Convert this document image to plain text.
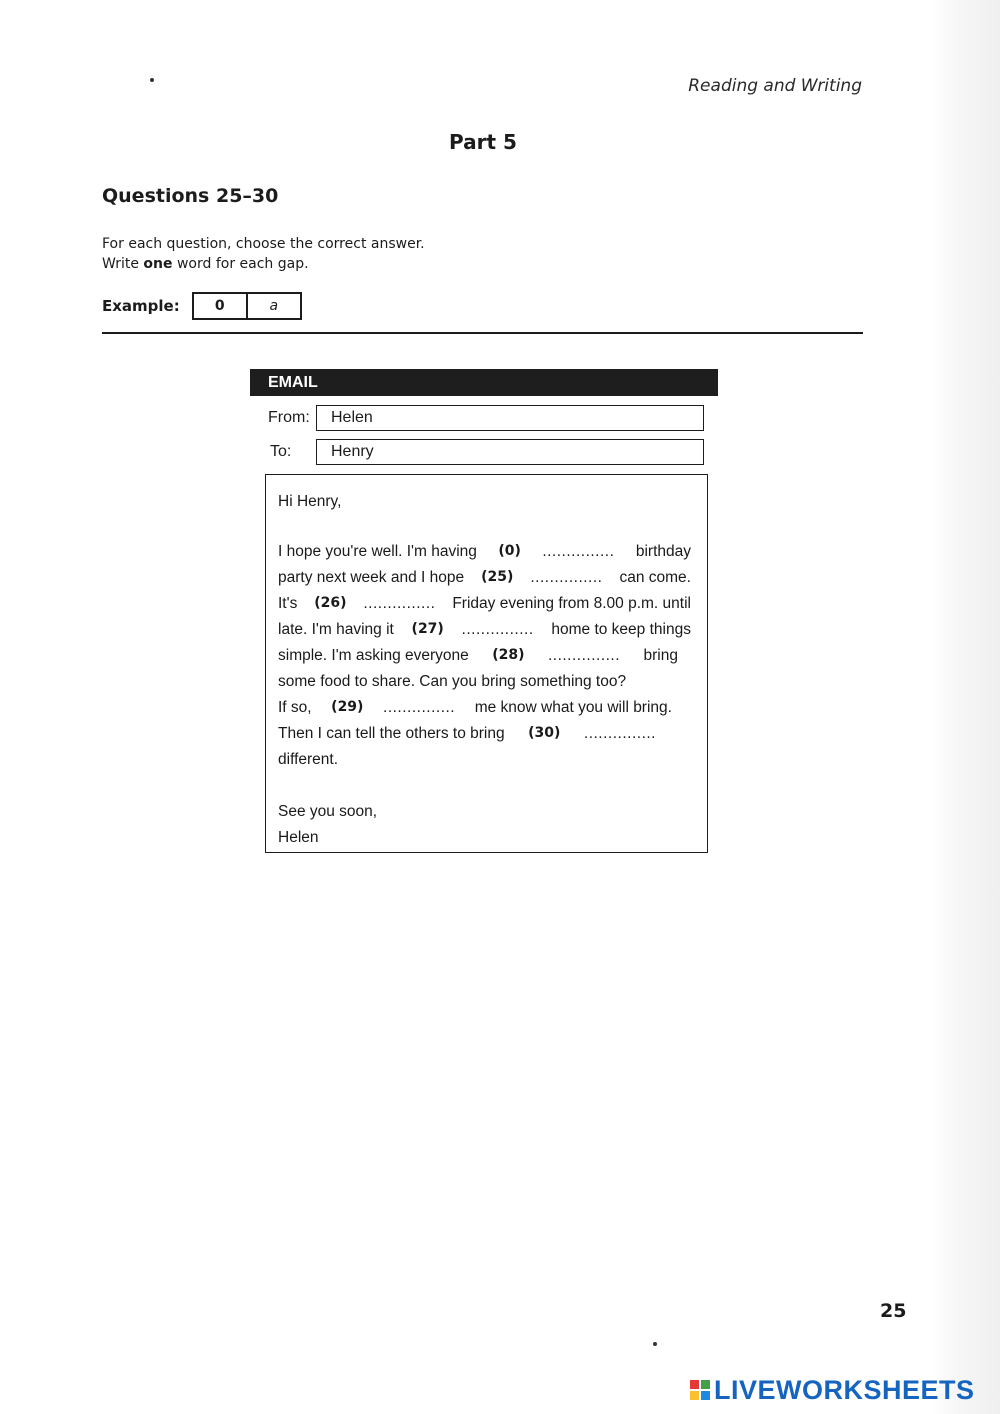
Reading and Writing
Part 5
Questions 25–30
For each question, choose the correct answer.
Write one word for each gap.
Example:	0	a
EMAIL
From:	Helen
To:	Henry
Hi Henry,
I hope you're well. I'm having (0) ............... birthday
party next week and I hope (25) ............... can come.
It's (26) ............... Friday evening from 8.00 p.m. until
late. I'm having it (27) ............... home to keep things
simple. I'm asking everyone (28) ............... bring
some food to share. Can you bring something too?
If so, (29) ............... me know what you will bring.
Then I can tell the others to bring (30) ...............
different.
See you soon,
Helen
25
LIVEWORKSHEETS
